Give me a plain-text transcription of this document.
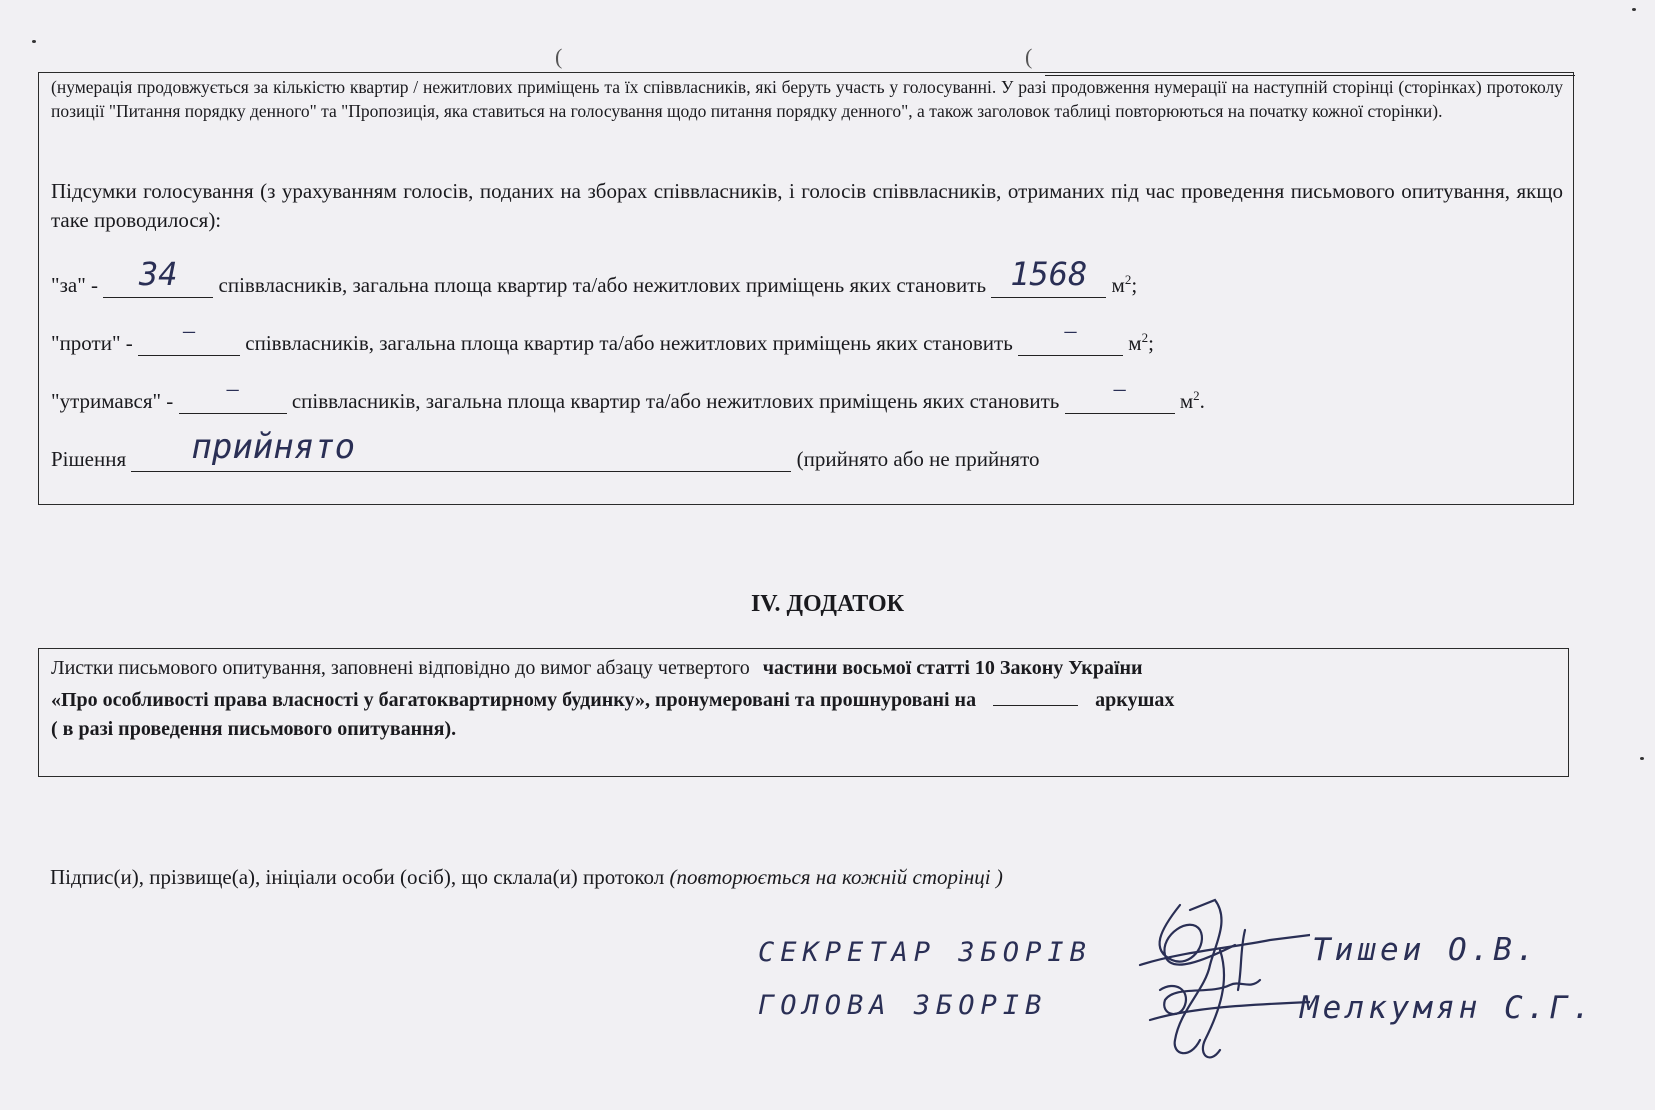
(	(
(нумерація продовжується за кількістю квартир / нежитлових приміщень та їх співвласників, які беруть участь у голосуванні. У разі продовження нумерації на наступній сторінці (сторінках) протоколу позиції "Питання порядку денного" та "Пропозиція, яка ставиться на голосування щодо питання порядку денного", а також заголовок таблиці повторюються на початку кожної сторінки).
Підсумки голосування (з урахуванням голосів, поданих на зборах співвласників, і голосів співвласників, отриманих під час проведення письмового опитування, якщо таке проводилося):
"за" -	34	співвласників, загальна площа квартир та/або нежитлових приміщень яких становить 1568	$м^2$;
"проти" -	–	співвласників, загальна площа квартир та/або нежитлових приміщень яких становить	–	$м^2$;
"утримався" -	–	співвласників, загальна площа квартир та/або нежитлових приміщень яких становить	–	$м^2$.
Рішення	прийнято	(прийнято або не прийнято
IV. ДОДАТОК
Листки письмового опитування, заповнені відповідно до вимог абзацу четвертого частини восьмої статті 10 Закону України
«Про особливості права власності у багатоквартирному будинку», пронумеровані та прошнуровані на	аркушах
( в разі проведення письмового опитування).
Підпис(и), прізвище(а), ініціали особи (осіб), що склала(и) протокол (повторюється на кожній сторінці )
СЕКРЕТАР ЗБОРІВ
ГОЛОВА ЗБОРІВ
Тишеи О.В.
Мелкумян С.Г.
